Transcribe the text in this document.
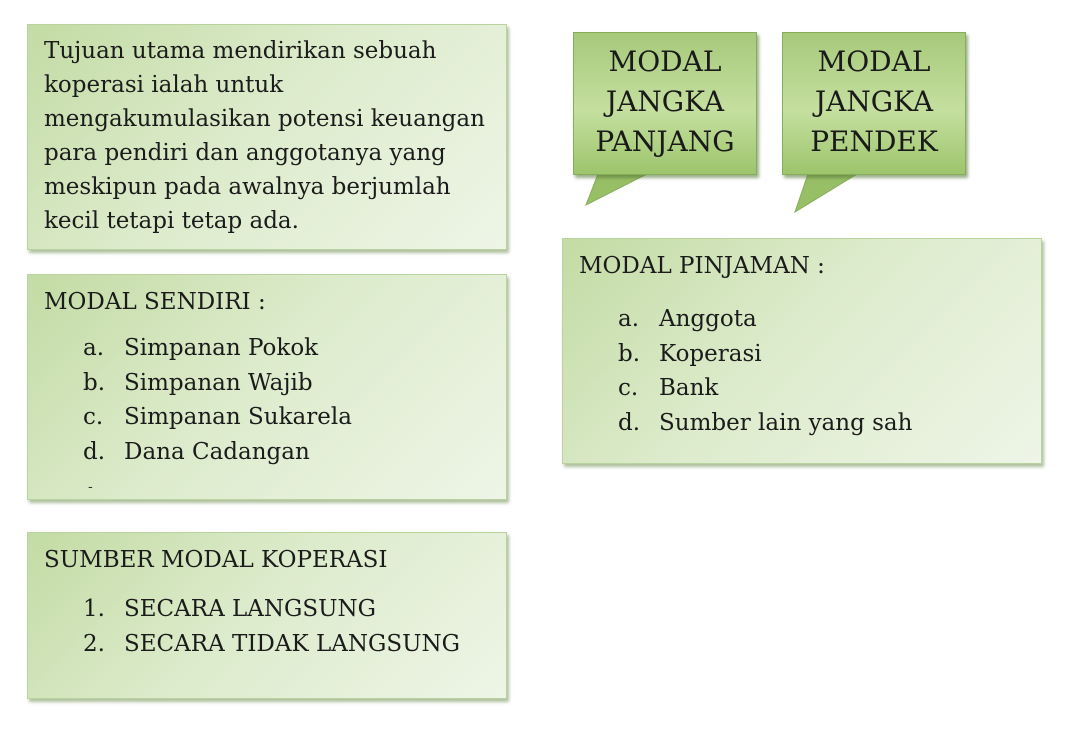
Tujuan utama mendirikan sebuah
koperasi ialah untuk
mengakumulasikan potensi keuangan
para pendiri dan anggotanya yang
meskipun pada awalnya berjumlah
kecil tetapi tetap ada.

MODAL SENDIRI :

a. Simpanan Pokok
b. Simpanan Wajib
c. Simpanan Sukarela
d. Dana Cadangan
-

SUMBER MODAL KOPERASI

1. SECARA LANGSUNG
2. SECARA TIDAK LANGSUNG
MODAL
JANGKA
PANJANG
MODAL
JANGKA
PENDEK

MODAL PINJAMAN :

a. Anggota
b. Koperasi
c. Bank
d. Sumber lain yang sah
